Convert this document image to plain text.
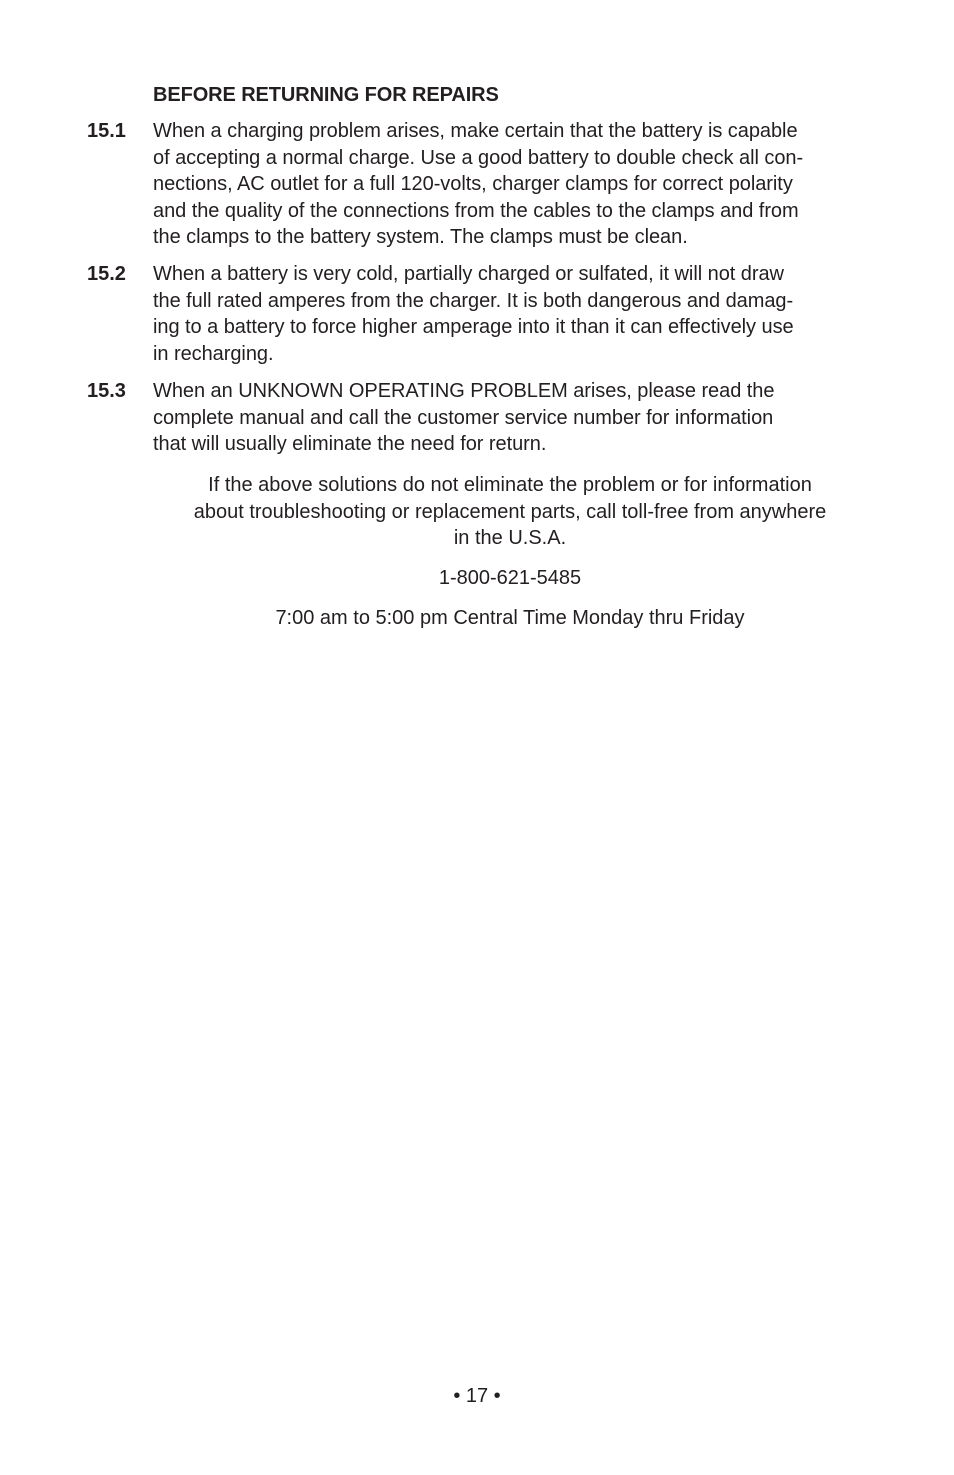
BEFORE RETURNING FOR REPAIRS
15.1 When a charging problem arises, make certain that the battery is capable
of accepting a normal charge. Use a good battery to double check all con-
nections, AC outlet for a full 120-volts, charger clamps for correct polarity
and the quality of the connections from the cables to the clamps and from
the clamps to the battery system. The clamps must be clean.
15.2 When a battery is very cold, partially charged or sulfated, it will not draw
the full rated amperes from the charger. It is both dangerous and damag-
ing to a battery to force higher amperage into it than it can effectively use
in recharging.
15.3 When an UNKNOWN OPERATING PROBLEM arises, please read the
complete manual and call the customer service number for information
that will usually eliminate the need for return.
If the above solutions do not eliminate the problem or for information
about troubleshooting or replacement parts, call toll-free from anywhere
in the U.S.A.
1-800-621-5485
7:00 am to 5:00 pm Central Time Monday thru Friday
• 17 •
